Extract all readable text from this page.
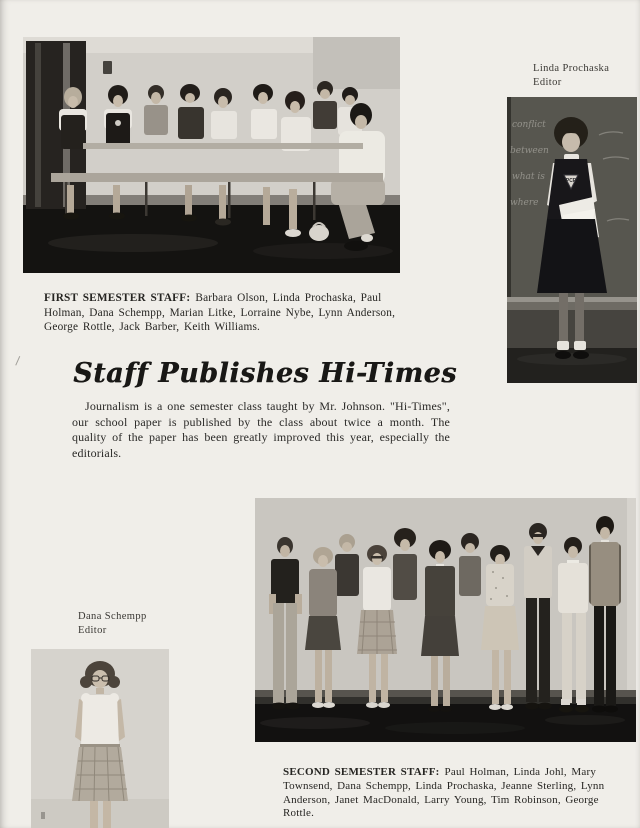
FIRST SEMESTER STAFF: Barbara Olson, Linda Prochaska, Paul Holman, Dana Schempp, Marian Litke, Lorraine Nybe, Lynn Anderson, George Rottle, Jack Barber, Keith Williams.

Linda Prochaska
Editor
conflict
between
what is
where
PCP
Staff Publishes Hi-Times

Journalism is a one semester class taught by Mr. Johnson. "Hi-Times", our school paper is published by the class about twice a month. The quality of the paper has been greatly improved this year, especially the editorials.

Dana Schempp
Editor

SECOND SEMESTER STAFF: Paul Holman, Linda Johl, Mary Townsend, Dana Schempp, Linda Prochaska, Jeanne Sterling, Lynn Anderson, Janet MacDonald, Larry Young, Tim Robinson, George Rottle.
